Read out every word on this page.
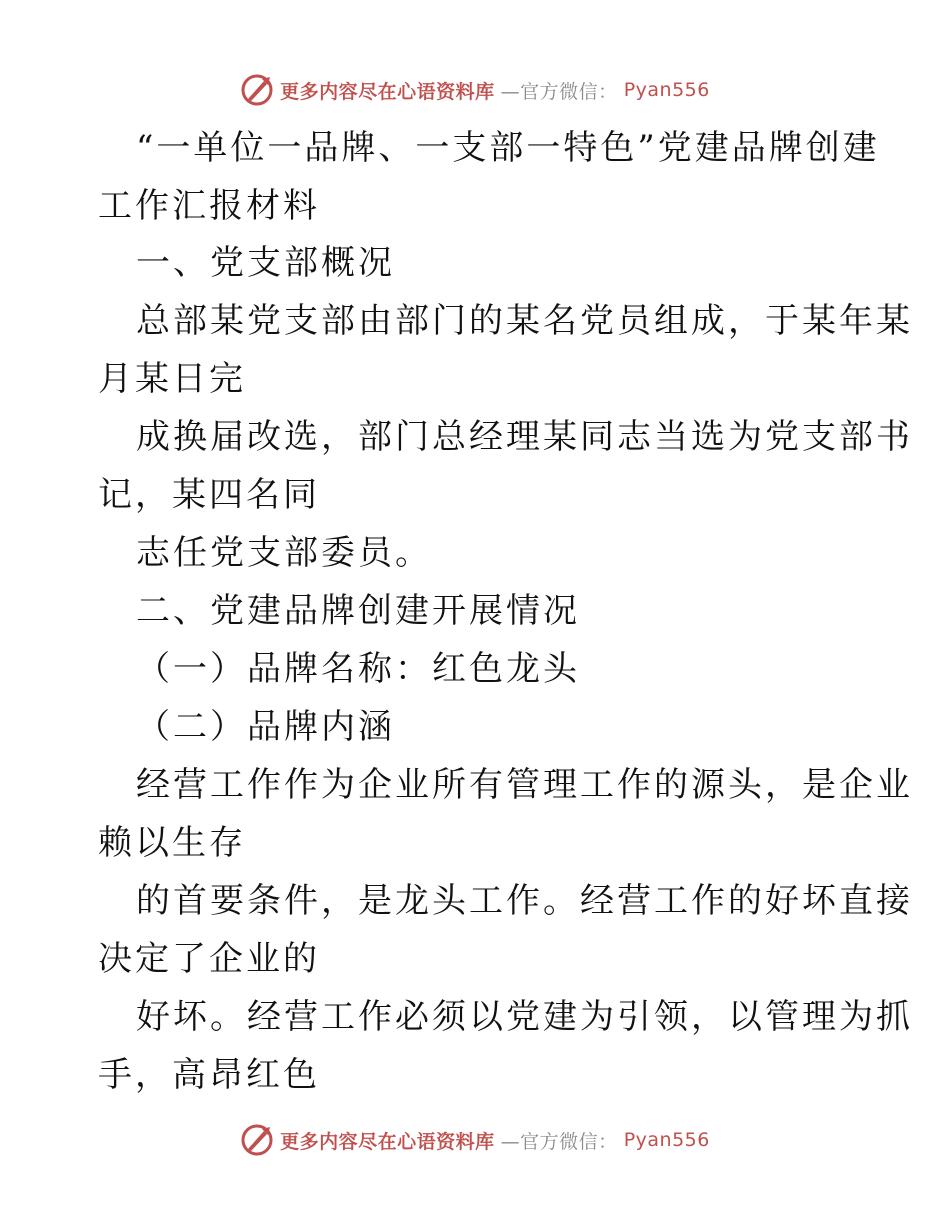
更多内容尽在心语资料库 —官方微信： Pyan556
“一单位一品牌、一支部一特色”党建品牌创建
工作汇报材料
一、党支部概况
总部某党支部由部门的某名党员组成，于某年某
月某日完
成换届改选，部门总经理某同志当选为党支部书
记，某四名同
志任党支部委员。
二、党建品牌创建开展情况
（一）品牌名称：红色龙头
（二）品牌内涵
经营工作作为企业所有管理工作的源头，是企业
赖以生存
的首要条件，是龙头工作。经营工作的好坏直接
决定了企业的
好坏。经营工作必须以党建为引领，以管理为抓
手，高昂红色
更多内容尽在心语资料库 —官方微信： Pyan556
